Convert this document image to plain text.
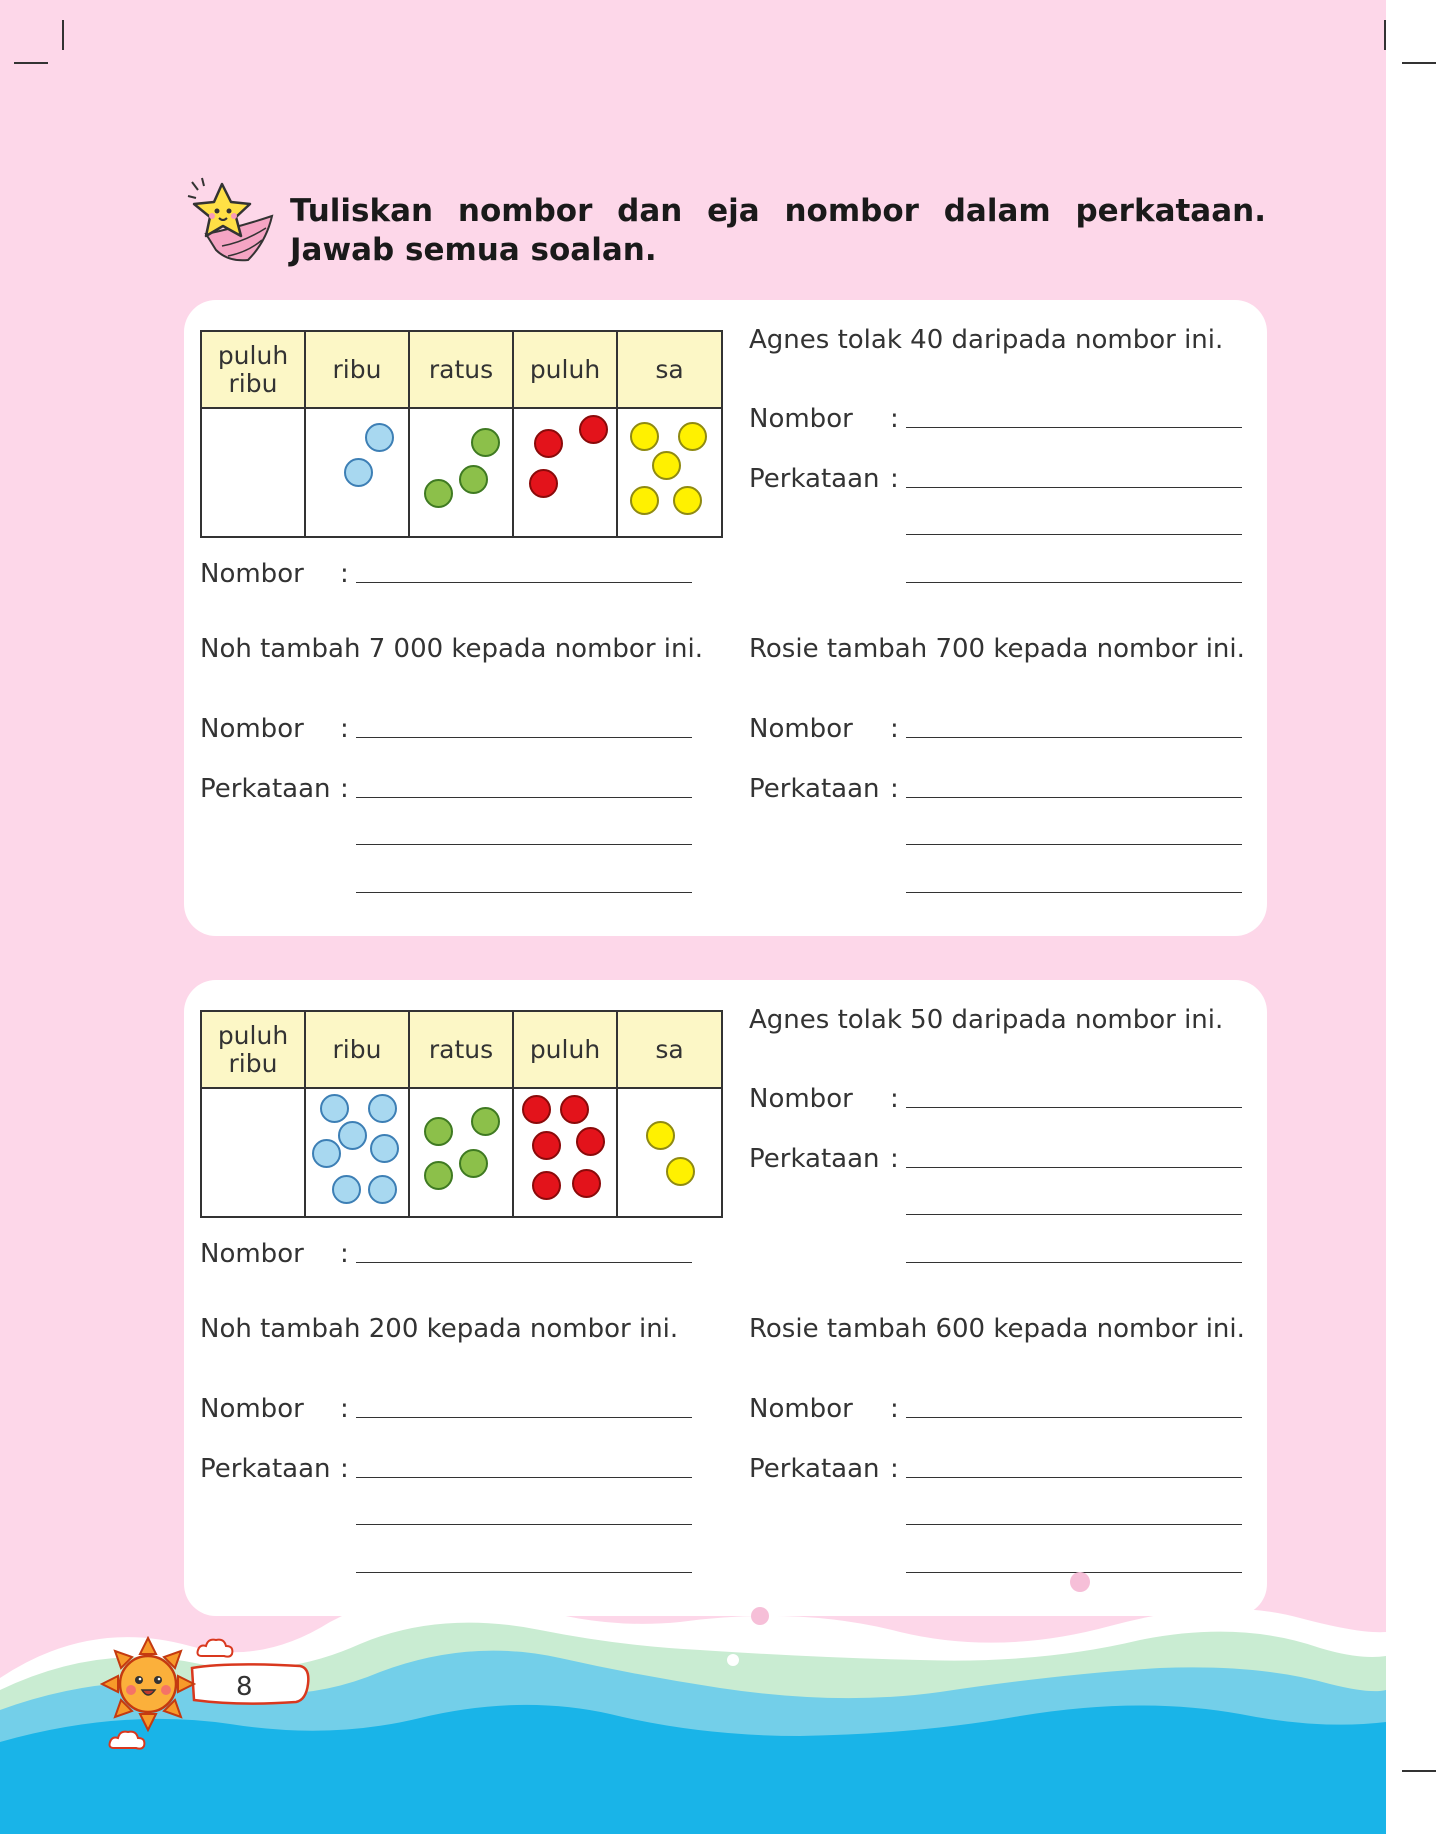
Tuliskan nombor dan eja nombor dalam perkataan. Jawab semua soalan.
puluh ribu	ribu	ratus	puluh	sa

Nombor :
Agnes tolak 40 daripada nombor ini.
Nombor :
Perkataan :
Noh tambah 7 000 kepada nombor ini.
Nombor :
Perkataan :
Rosie tambah 700 kepada nombor ini.
Nombor :
Perkataan :
puluh ribu	ribu	ratus	puluh	sa

Nombor :
Agnes tolak 50 daripada nombor ini.
Nombor :
Perkataan :
Noh tambah 200 kepada nombor ini.
Nombor :
Perkataan :
Rosie tambah 600 kepada nombor ini.
Nombor :
Perkataan :
8
